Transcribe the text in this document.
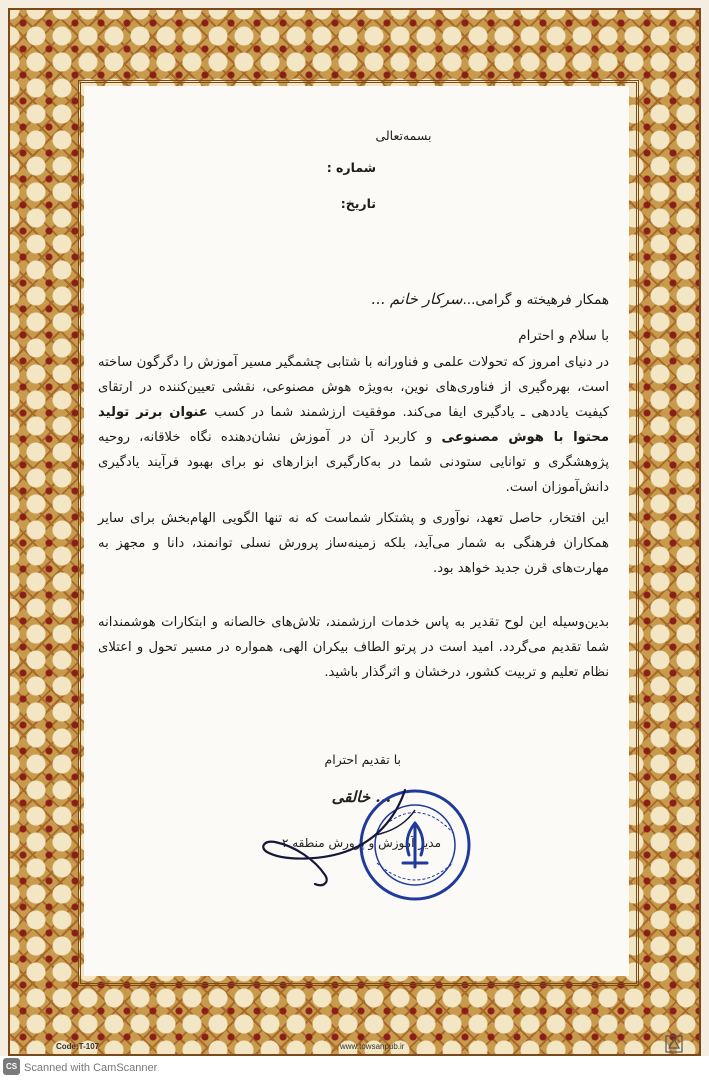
بسمه‌تعالی
شماره :
تاریخ:
همکار فرهیخته و گرامی...سرکار خانم ...
با سلام و احترام

در دنیای امروز که تحولات علمی و فناورانه با شتابی چشمگیر مسیر آموزش را دگرگون ساخته است، بهره‌گیری از فناوری‌های نوین، به‌ویژه هوش مصنوعی، نقشی تعیین‌کننده در ارتقای کیفیت یاددهی ـ یادگیری ایفا می‌کند. موفقیت ارزشمند شما در کسب عنوان برتر تولید محتوا با هوش مصنوعی و کاربرد آن در آموزش نشان‌دهنده نگاه خلاقانه، روحیه پژوهشگری و توانایی ستودنی شما در به‌کارگیری ابزارهای نو برای بهبود فرآیند یادگیری دانش‌آموزان است.

این افتخار، حاصل تعهد، نوآوری و پشتکار شماست که نه تنها الگویی الهام‌بخش برای سایر همکاران فرهنگی به شمار می‌آید، بلکه زمینه‌ساز پرورش نسلی توانمند، دانا و مجهز به مهارت‌های قرن جدید خواهد بود.

بدین‌وسیله این لوح تقدیر به پاس خدمات ارزشمند، تلاش‌های خالصانه و ابتکارات هوشمندانه شما تقدیم می‌گردد. امید است در پرتو الطاف بیکران الهی، همواره در مسیر تحول و اعتلای نظام تعلیم و تربیت کشور، درخشان و اثرگذار باشید.

با تقدیم احترام
... خالقی
مدیر آموزش و پرورش منطقه ۲
Code:T-107	www.towsanpub.ir
CS Scanned with CamScanner
